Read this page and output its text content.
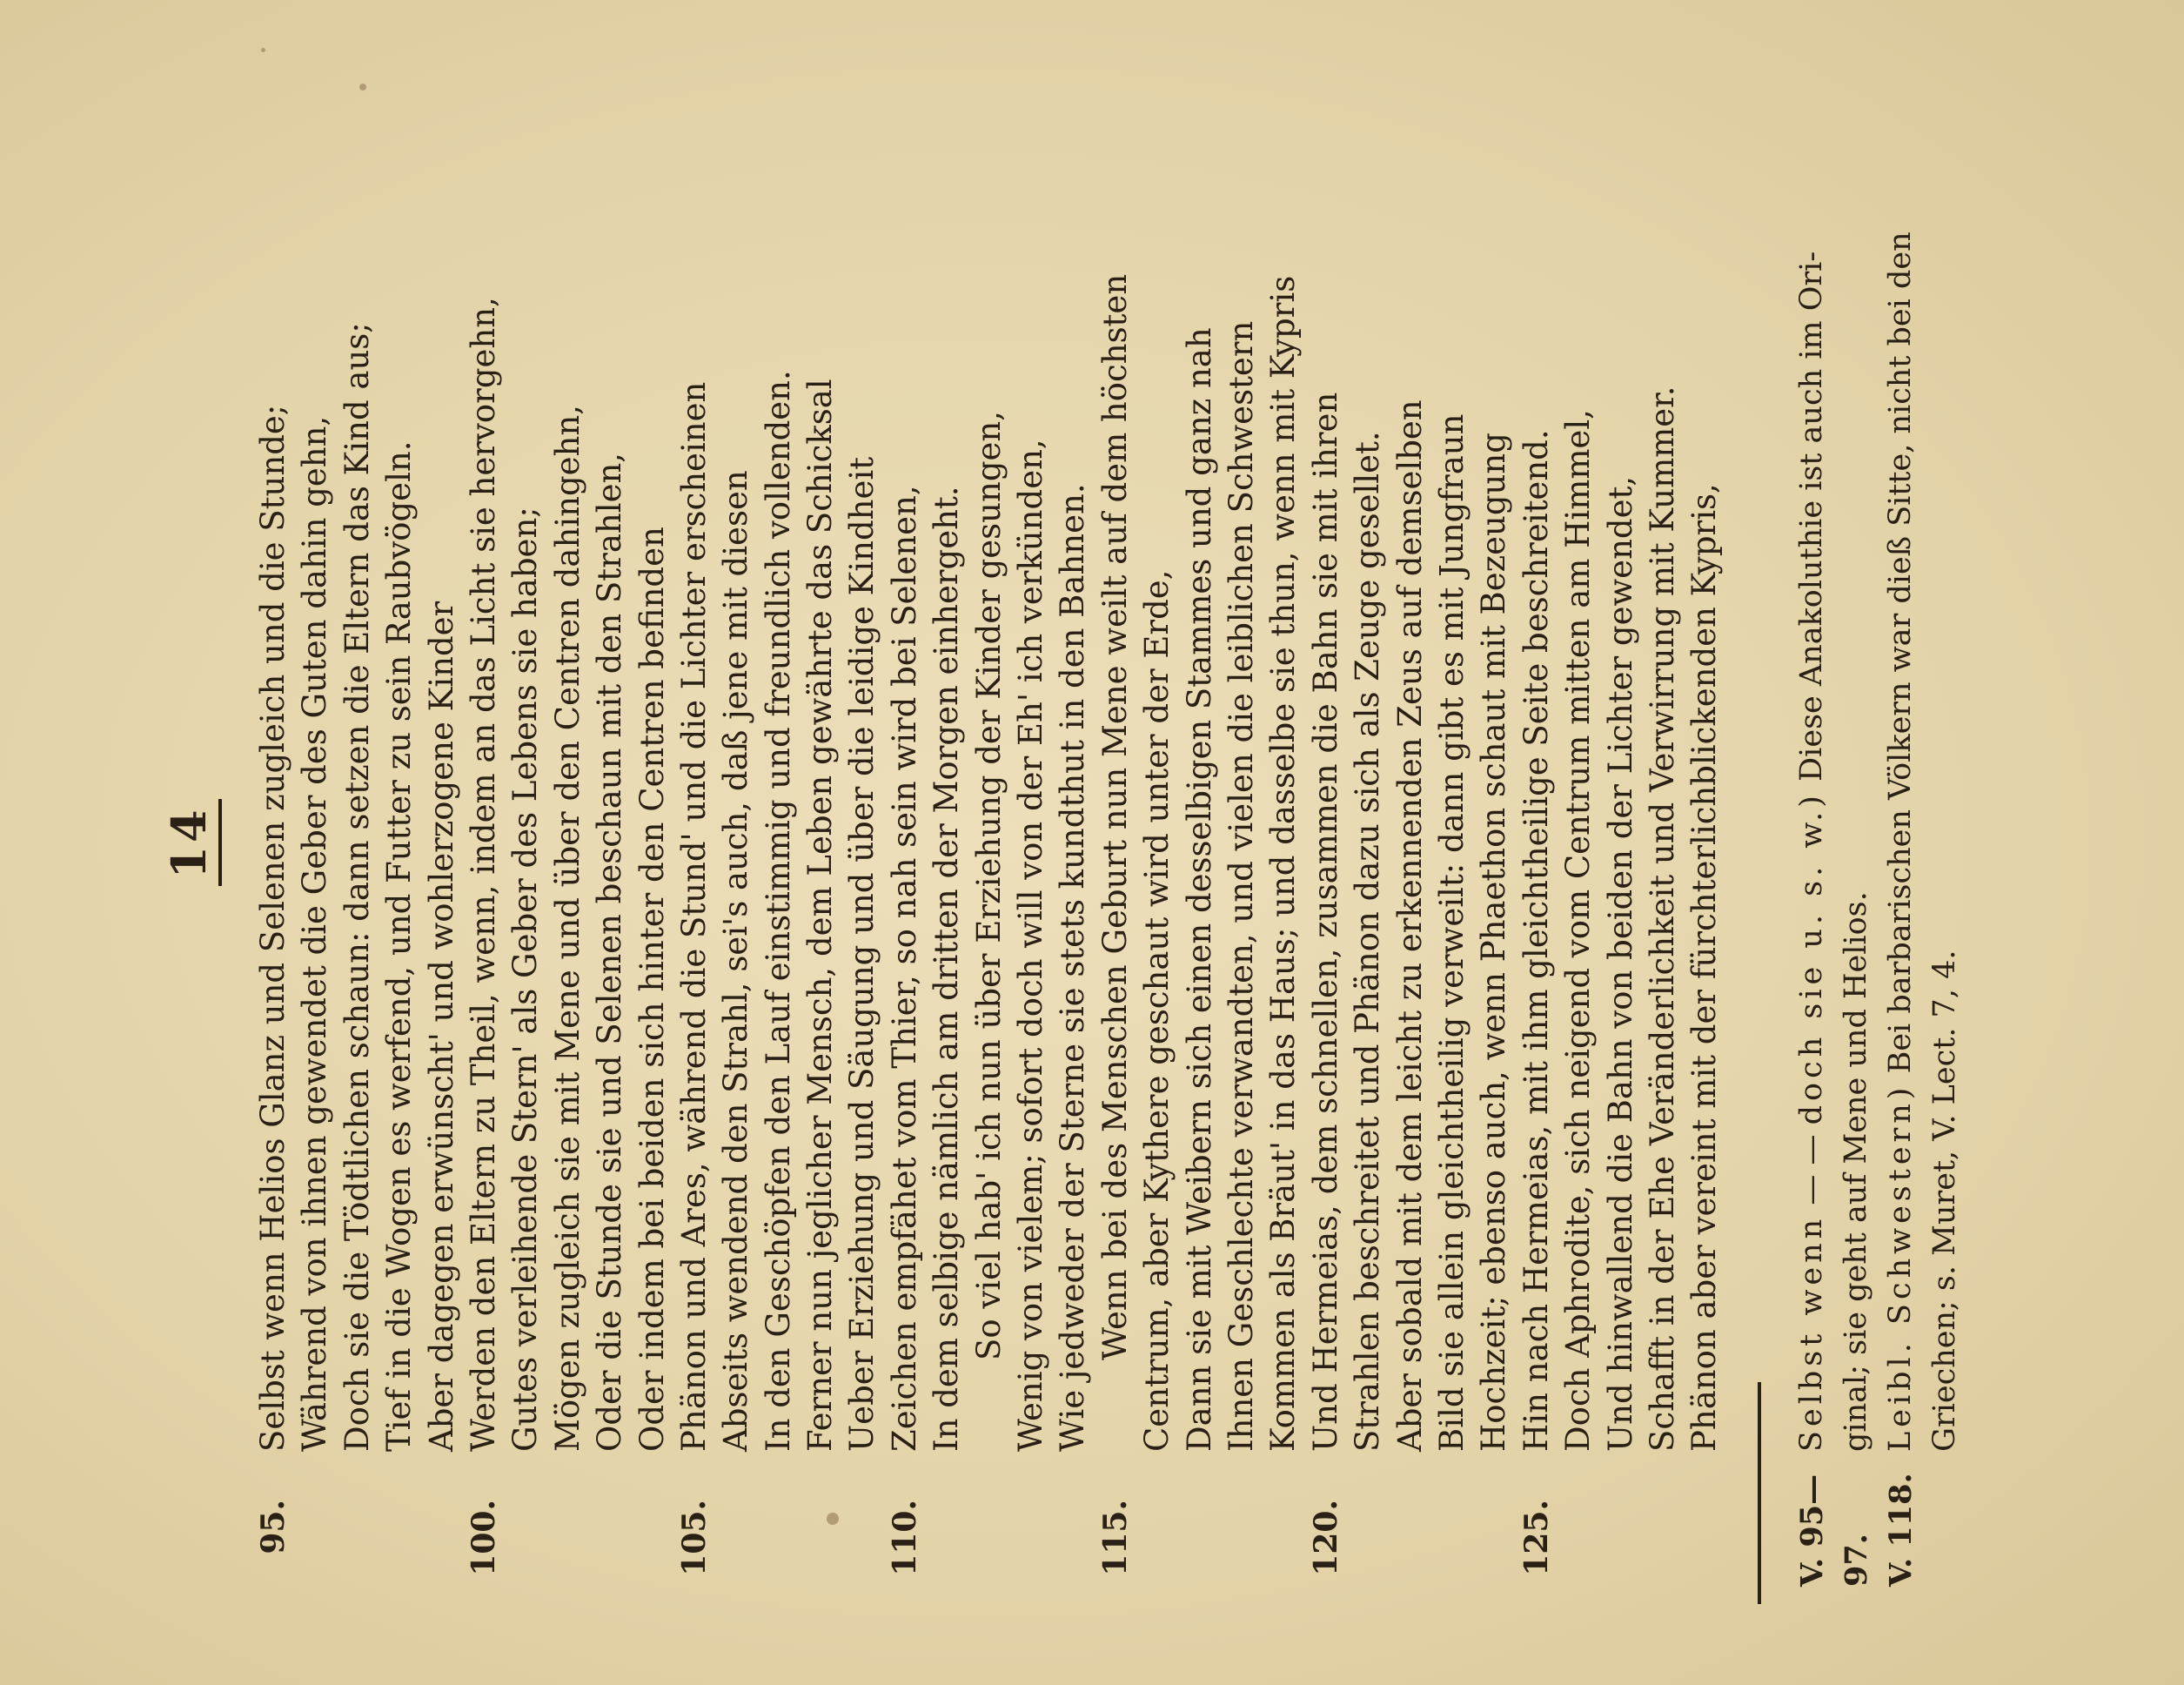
14
95.
Selbst wenn Helios Glanz und Selenen zugleich und die Stunde; Während von ihnen gewendet die Geber des Guten dahin gehn, Doch sie die Tödtlichen schaun: dann setzen die Eltern das Kind aus; Tief in die Wogen es werfend, und Futter zu sein Raubvögeln. Aber dagegen erwünscht' und wohlerzogene Kinder
100.
Werden den Eltern zu Theil, wenn, indem an das Licht sie hervorgehn, Gutes verleihende Stern' als Geber des Lebens sie haben; Mögen zugleich sie mit Mene und über den Centren dahingehn, Oder die Stunde sie und Selenen beschaun mit den Strahlen, Oder indem bei beiden sich hinter den Centren befinden
105.
Phänon und Ares, während die Stund' und die Lichter erscheinen Abseits wendend den Strahl, sei's auch, daß jene mit diesen In den Geschöpfen den Lauf einstimmig und freundlich vollenden. Ferner nun jeglicher Mensch, dem Leben gewährte das Schicksal Ueber Erziehung und Säugung und über die leidige Kindheit
110.
Zeichen empfähet vom Thier, so nah sein wird bei Selenen, In dem selbige nämlich am dritten der Morgen einhergeht. So viel hab' ich nun über Erziehung der Kinder gesungen, Wenig von vielem; sofort doch will von der Eh' ich verkünden, Wie jedweder der Sterne sie stets kundthut in den Bahnen.
115.
Wenn bei des Menschen Geburt nun Mene weilt auf dem höchsten Centrum, aber Kythere geschaut wird unter der Erde, Dann sie mit Weibern sich einen desselbigen Stammes und ganz nah Ihnen Geschlechte verwandten, und vielen die leiblichen Schwestern Kommen als Bräut' in das Haus; und dasselbe sie thun, wenn mit Kypris
120.
Und Hermeias, dem schnellen, zusammen die Bahn sie mit ihren Strahlen beschreitet und Phänon dazu sich als Zeuge gesellet. Aber sobald mit dem leicht zu erkennenden Zeus auf demselben Bild sie allein gleichtheilig verweilt: dann gibt es mit Jungfraun Hochzeit; ebenso auch, wenn Phaethon schaut mit Bezeugung
125.
Hin nach Hermeias, mit ihm gleichtheilige Seite beschreitend. Doch Aphrodite, sich neigend vom Centrum mitten am Himmel, Und hinwallend die Bahn von beiden der Lichter gewendet, Schafft in der Ehe Veränderlichkeit und Verwirrung mit Kummer. Phänon aber vereint mit der fürchterlichblickenden Kypris,
V. 95—97.
Selbst wenn — — doch sie u. s. w.) Diese Anakoluthie ist auch im Ori-
ginal; sie geht auf Mene und Helios.
V. 118.
Leibl. Schwestern) Bei barbarischen Völkern war dieß Sitte, nicht bei den
Griechen; s. Muret, V. Lect. 7, 4.
